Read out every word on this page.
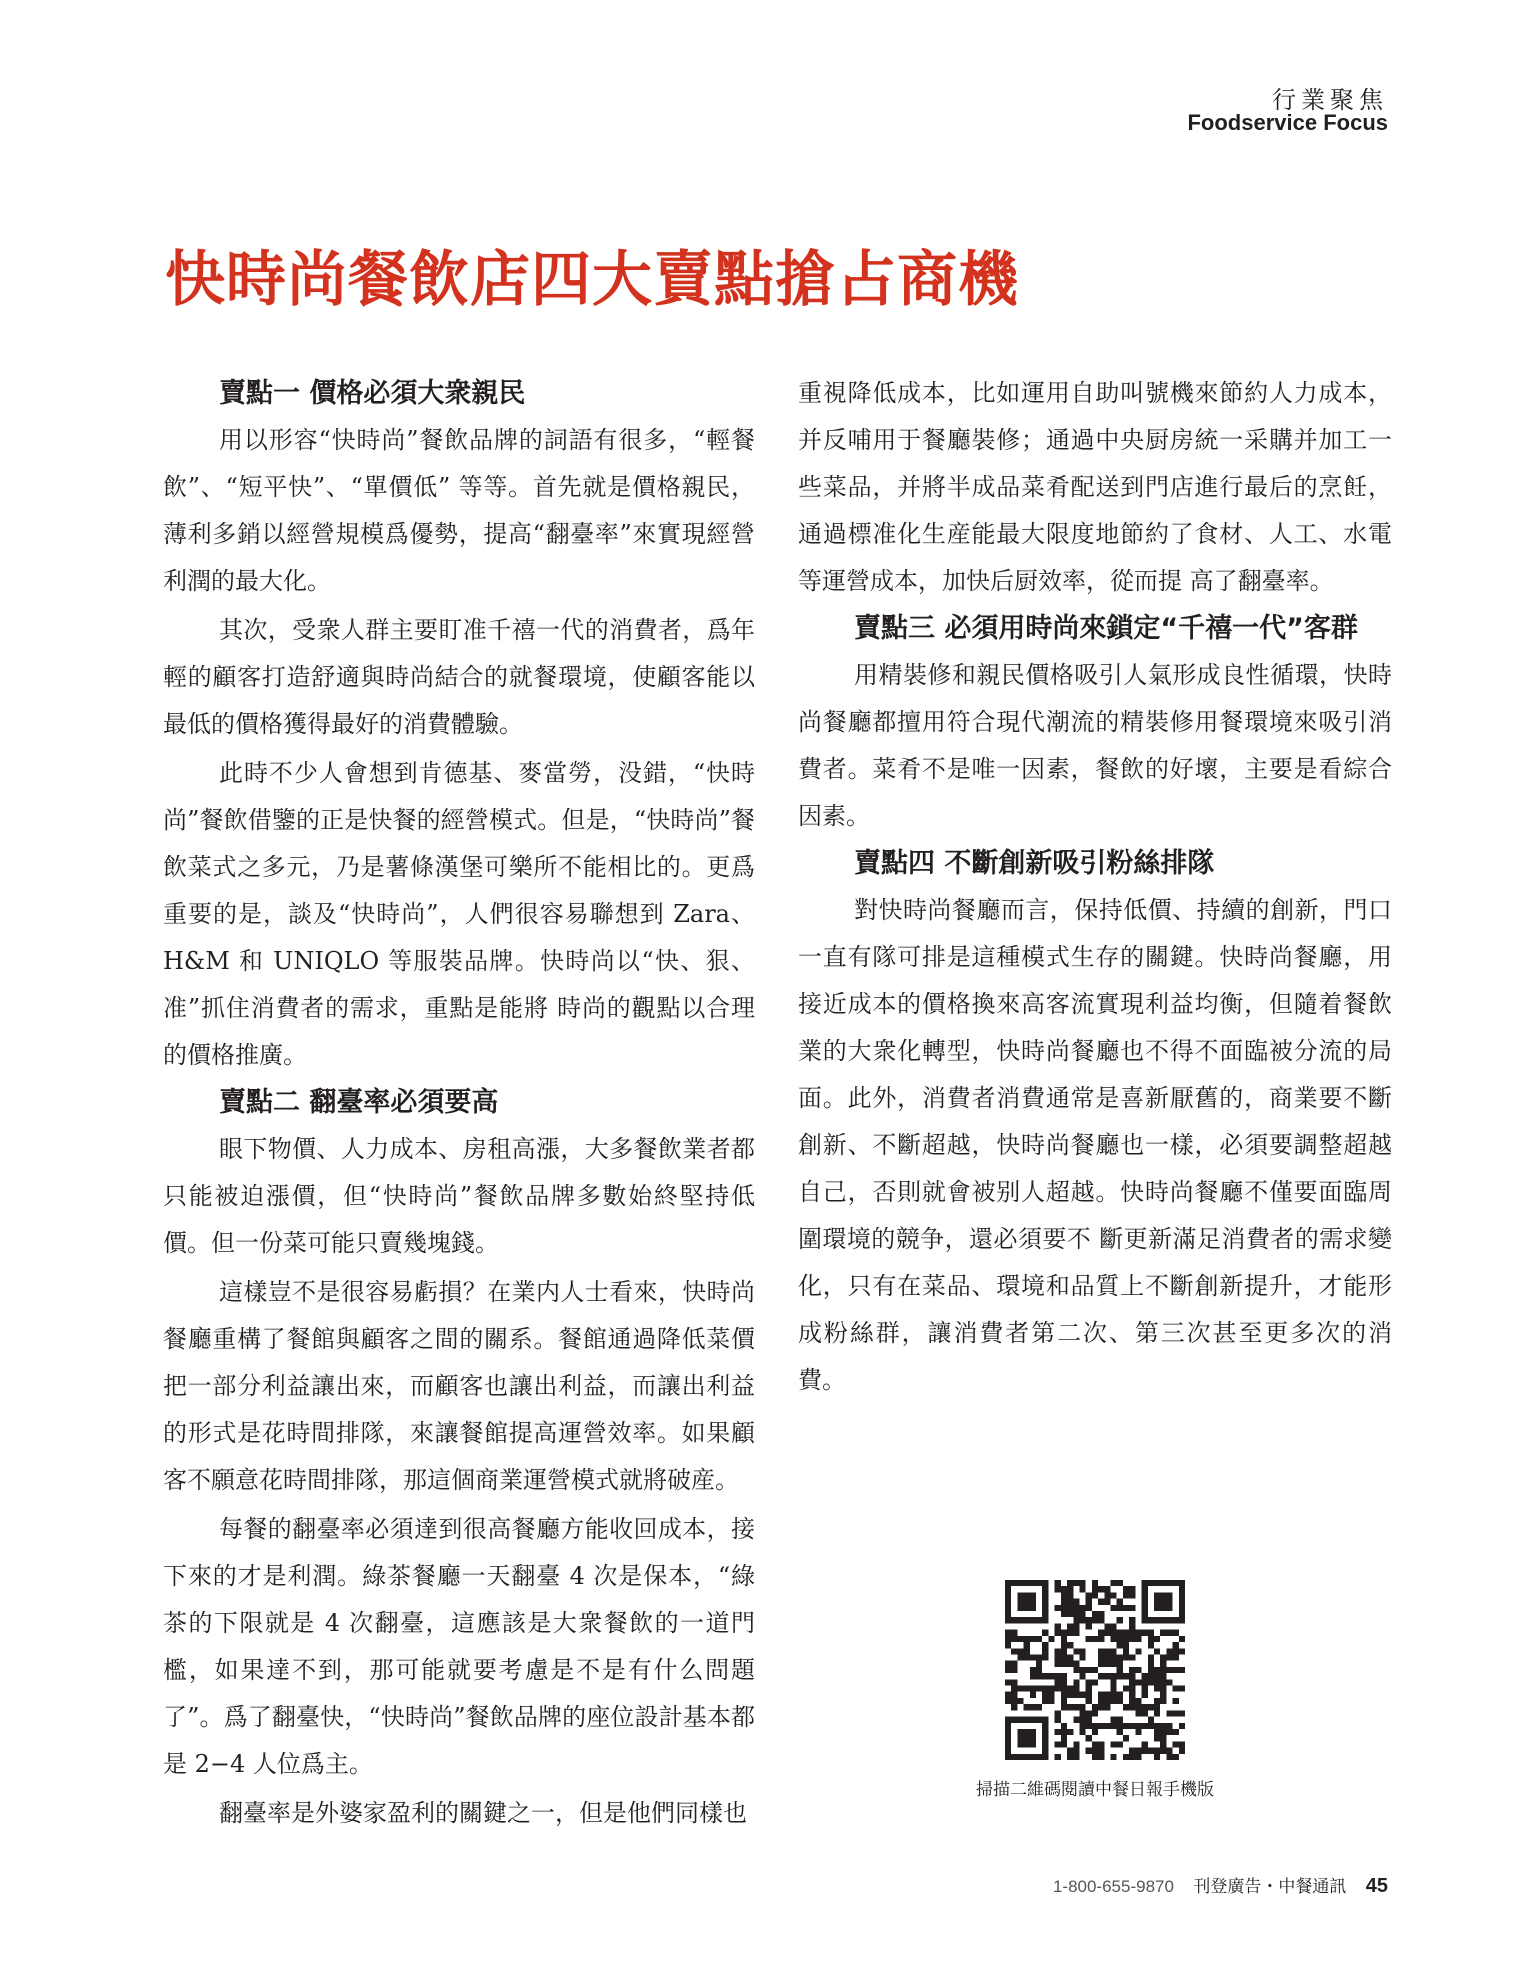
行業聚焦
Foodservice Focus
快時尚餐飲店四大賣點搶占商機

賣點一 價格必須大衆親民

用以形容“快時尚”餐飲品牌的詞語有很多，“輕餐飲”、“短平快”、“單價低” 等等。首先就是價格親民，薄利多銷以經營規模爲優勢，提高“翻臺率”來實現經營利潤的最大化。

其次，受衆人群主要盯准千禧一代的消費者，爲年輕的顧客打造舒適與時尚結合的就餐環境，使顧客能以最低的價格獲得最好的消費體驗。

此時不少人會想到肯德基、麥當勞，没錯，“快時尚”餐飲借鑒的正是快餐的經營模式。但是，“快時尚”餐飲菜式之多元，乃是薯條漢堡可樂所不能相比的。更爲重要的是，談及“快時尚”，人們很容易聯想到 Zara、H&M 和 UNIQLO 等服裝品牌。快時尚以“快、狠、准”抓住消費者的需求，重點是能將 時尚的觀點以合理的價格推廣。

賣點二 翻臺率必須要高

眼下物價、人力成本、房租高漲，大多餐飲業者都只能被迫漲價，但“快時尚”餐飲品牌多數始終堅持低價。但一份菜可能只賣幾塊錢。

這樣豈不是很容易虧損？在業内人士看來，快時尚餐廳重構了餐館與顧客之間的關系。餐館通過降低菜價把一部分利益讓出來，而顧客也讓出利益，而讓出利益的形式是花時間排隊，來讓餐館提高運營效率。如果顧客不願意花時間排隊，那這個商業運營模式就將破産。

每餐的翻臺率必須達到很高餐廳方能收回成本，接下來的才是利潤。綠茶餐廳一天翻臺 4 次是保本，“綠茶的下限就是 4 次翻臺，這應該是大衆餐飲的一道門檻，如果達不到，那可能就要考慮是不是有什么問題了”。爲了翻臺快，“快時尚”餐飲品牌的座位設計基本都是 2−4 人位爲主。

翻臺率是外婆家盈利的關鍵之一，但是他們同樣也

重視降低成本，比如運用自助叫號機來節約人力成本，并反哺用于餐廳裝修；通過中央厨房統一采購并加工一些菜品，并將半成品菜肴配送到門店進行最后的烹飪，通過標准化生産能最大限度地節約了食材、人工、水電等運營成本，加快后厨效率，從而提 高了翻臺率。

賣點三 必須用時尚來鎖定“千禧一代”客群

用精裝修和親民價格吸引人氣形成良性循環，快時尚餐廳都擅用符合現代潮流的精裝修用餐環境來吸引消費者。菜肴不是唯一因素，餐飲的好壞，主要是看綜合因素。

賣點四 不斷創新吸引粉絲排隊

對快時尚餐廳而言，保持低價、持續的創新，門口一直有隊可排是這種模式生存的關鍵。快時尚餐廳，用接近成本的價格換來高客流實現利益均衡，但隨着餐飲業的大衆化轉型，快時尚餐廳也不得不面臨被分流的局面。此外，消費者消費通常是喜新厭舊的，商業要不斷創新、不斷超越，快時尚餐廳也一樣，必須要調整超越自己，否則就會被别人超越。快時尚餐廳不僅要面臨周圍環境的競争，還必須要不 斷更新滿足消費者的需求變化，只有在菜品、環境和品質上不斷創新提升，才能形成粉絲群，讓消費者第二次、第三次甚至更多次的消費。

掃描二維碼閱讀中餐日報手機版
1-800-655-9870 刊登廣告・中餐通訊 45
